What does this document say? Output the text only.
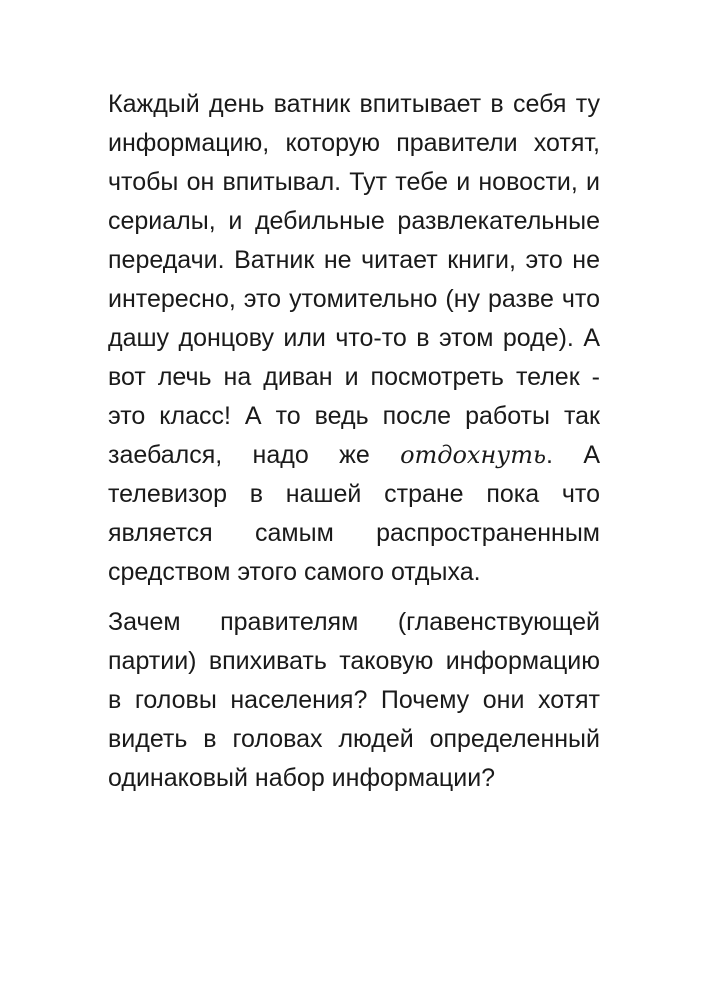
Каждый день ватник впитывает в себя ту информацию, которую правители хотят, чтобы он впитывал. Тут тебе и новости, и сериалы, и дебильные развлекательные передачи. Ватник не читает книги, это не интересно, это утомительно (ну разве что дашу донцову или что-то в этом роде). А вот лечь на диван и посмотреть телек - это класс! А то ведь после работы так заебался, надо же отдохнуть. А телевизор в нашей стране пока что является самым распространенным средством этого самого отдыха.

Зачем правителям (главенствующей партии) впихивать таковую информацию в головы населения? Почему они хотят видеть в головах людей определенный одинаковый набор информации?
